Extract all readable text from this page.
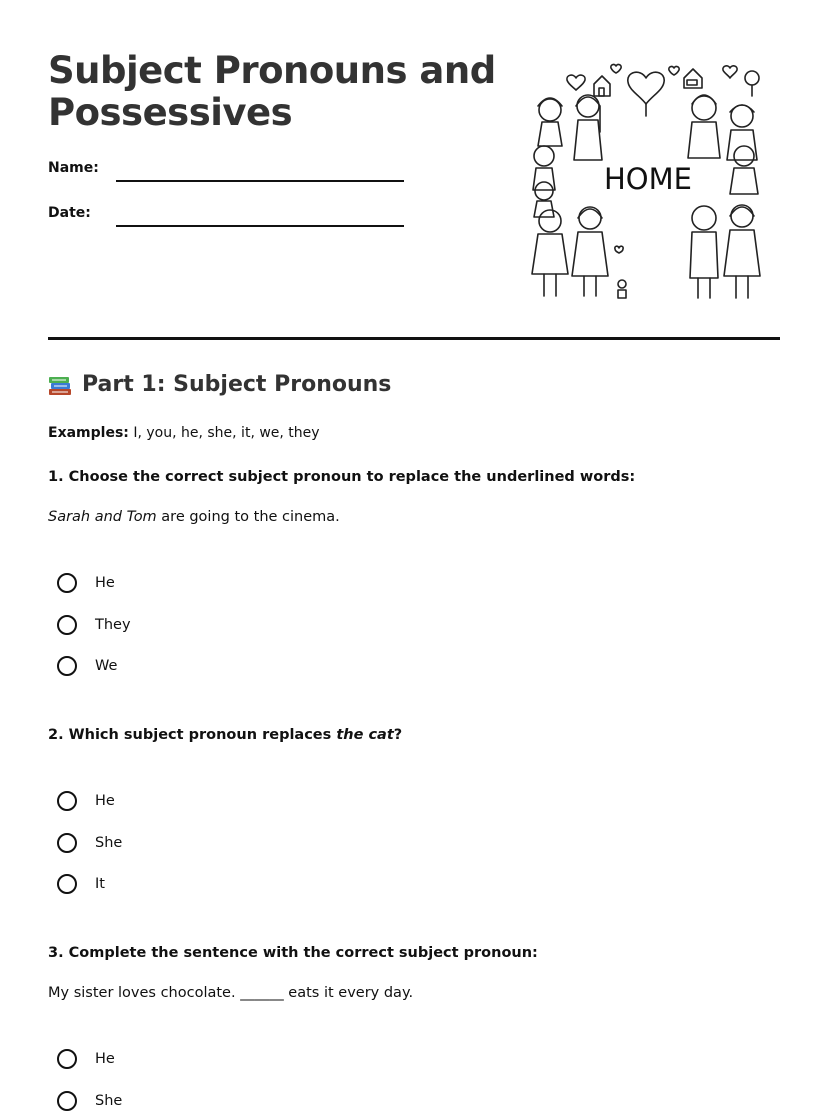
Subject Pronouns and Possessives
Name:
Date:
HOME
Part 1: Subject Pronouns
Examples: I, you, he, she, it, we, they
1. Choose the correct subject pronoun to replace the underlined words:
Sarah and Tom are going to the cinema.
He
They
We
2. Which subject pronoun replaces the cat?
He
She
It
3. Complete the sentence with the correct subject pronoun:
My sister loves chocolate. ______ eats it every day.
He
She
